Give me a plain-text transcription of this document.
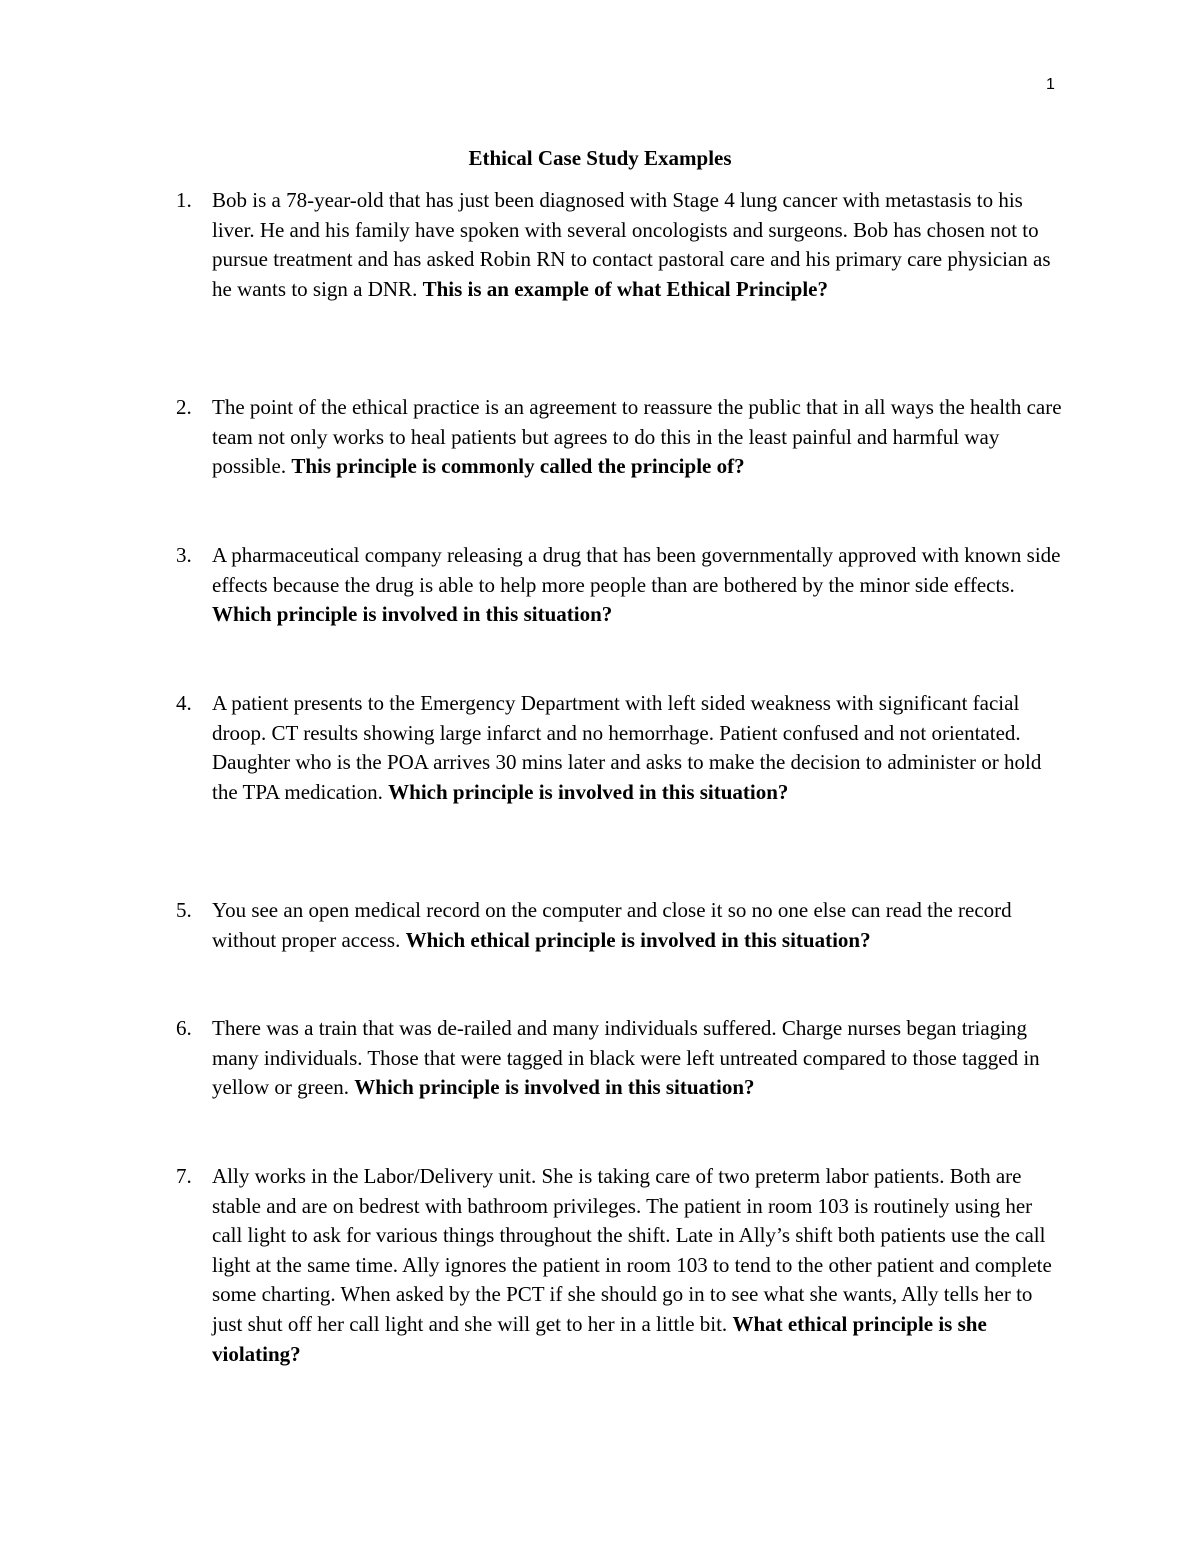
1
Ethical Case Study Examples
1. Bob is a 78-year-old that has just been diagnosed with Stage 4 lung cancer with metastasis to his liver. He and his family have spoken with several oncologists and surgeons. Bob has chosen not to pursue treatment and has asked Robin RN to contact pastoral care and his primary care physician as he wants to sign a DNR. This is an example of what Ethical Principle?
2. The point of the ethical practice is an agreement to reassure the public that in all ways the health care team not only works to heal patients but agrees to do this in the least painful and harmful way possible. This principle is commonly called the principle of?
3. A pharmaceutical company releasing a drug that has been governmentally approved with known side effects because the drug is able to help more people than are bothered by the minor side effects. Which principle is involved in this situation?
4. A patient presents to the Emergency Department with left sided weakness with significant facial droop. CT results showing large infarct and no hemorrhage. Patient confused and not orientated. Daughter who is the POA arrives 30 mins later and asks to make the decision to administer or hold the TPA medication. Which principle is involved in this situation?
5. You see an open medical record on the computer and close it so no one else can read the record without proper access. Which ethical principle is involved in this situation?
6. There was a train that was de-railed and many individuals suffered. Charge nurses began triaging many individuals. Those that were tagged in black were left untreated compared to those tagged in yellow or green. Which principle is involved in this situation?
7. Ally works in the Labor/Delivery unit. She is taking care of two preterm labor patients. Both are stable and are on bedrest with bathroom privileges. The patient in room 103 is routinely using her call light to ask for various things throughout the shift. Late in Ally’s shift both patients use the call light at the same time. Ally ignores the patient in room 103 to tend to the other patient and complete some charting. When asked by the PCT if she should go in to see what she wants, Ally tells her to just shut off her call light and she will get to her in a little bit. What ethical principle is she violating?
